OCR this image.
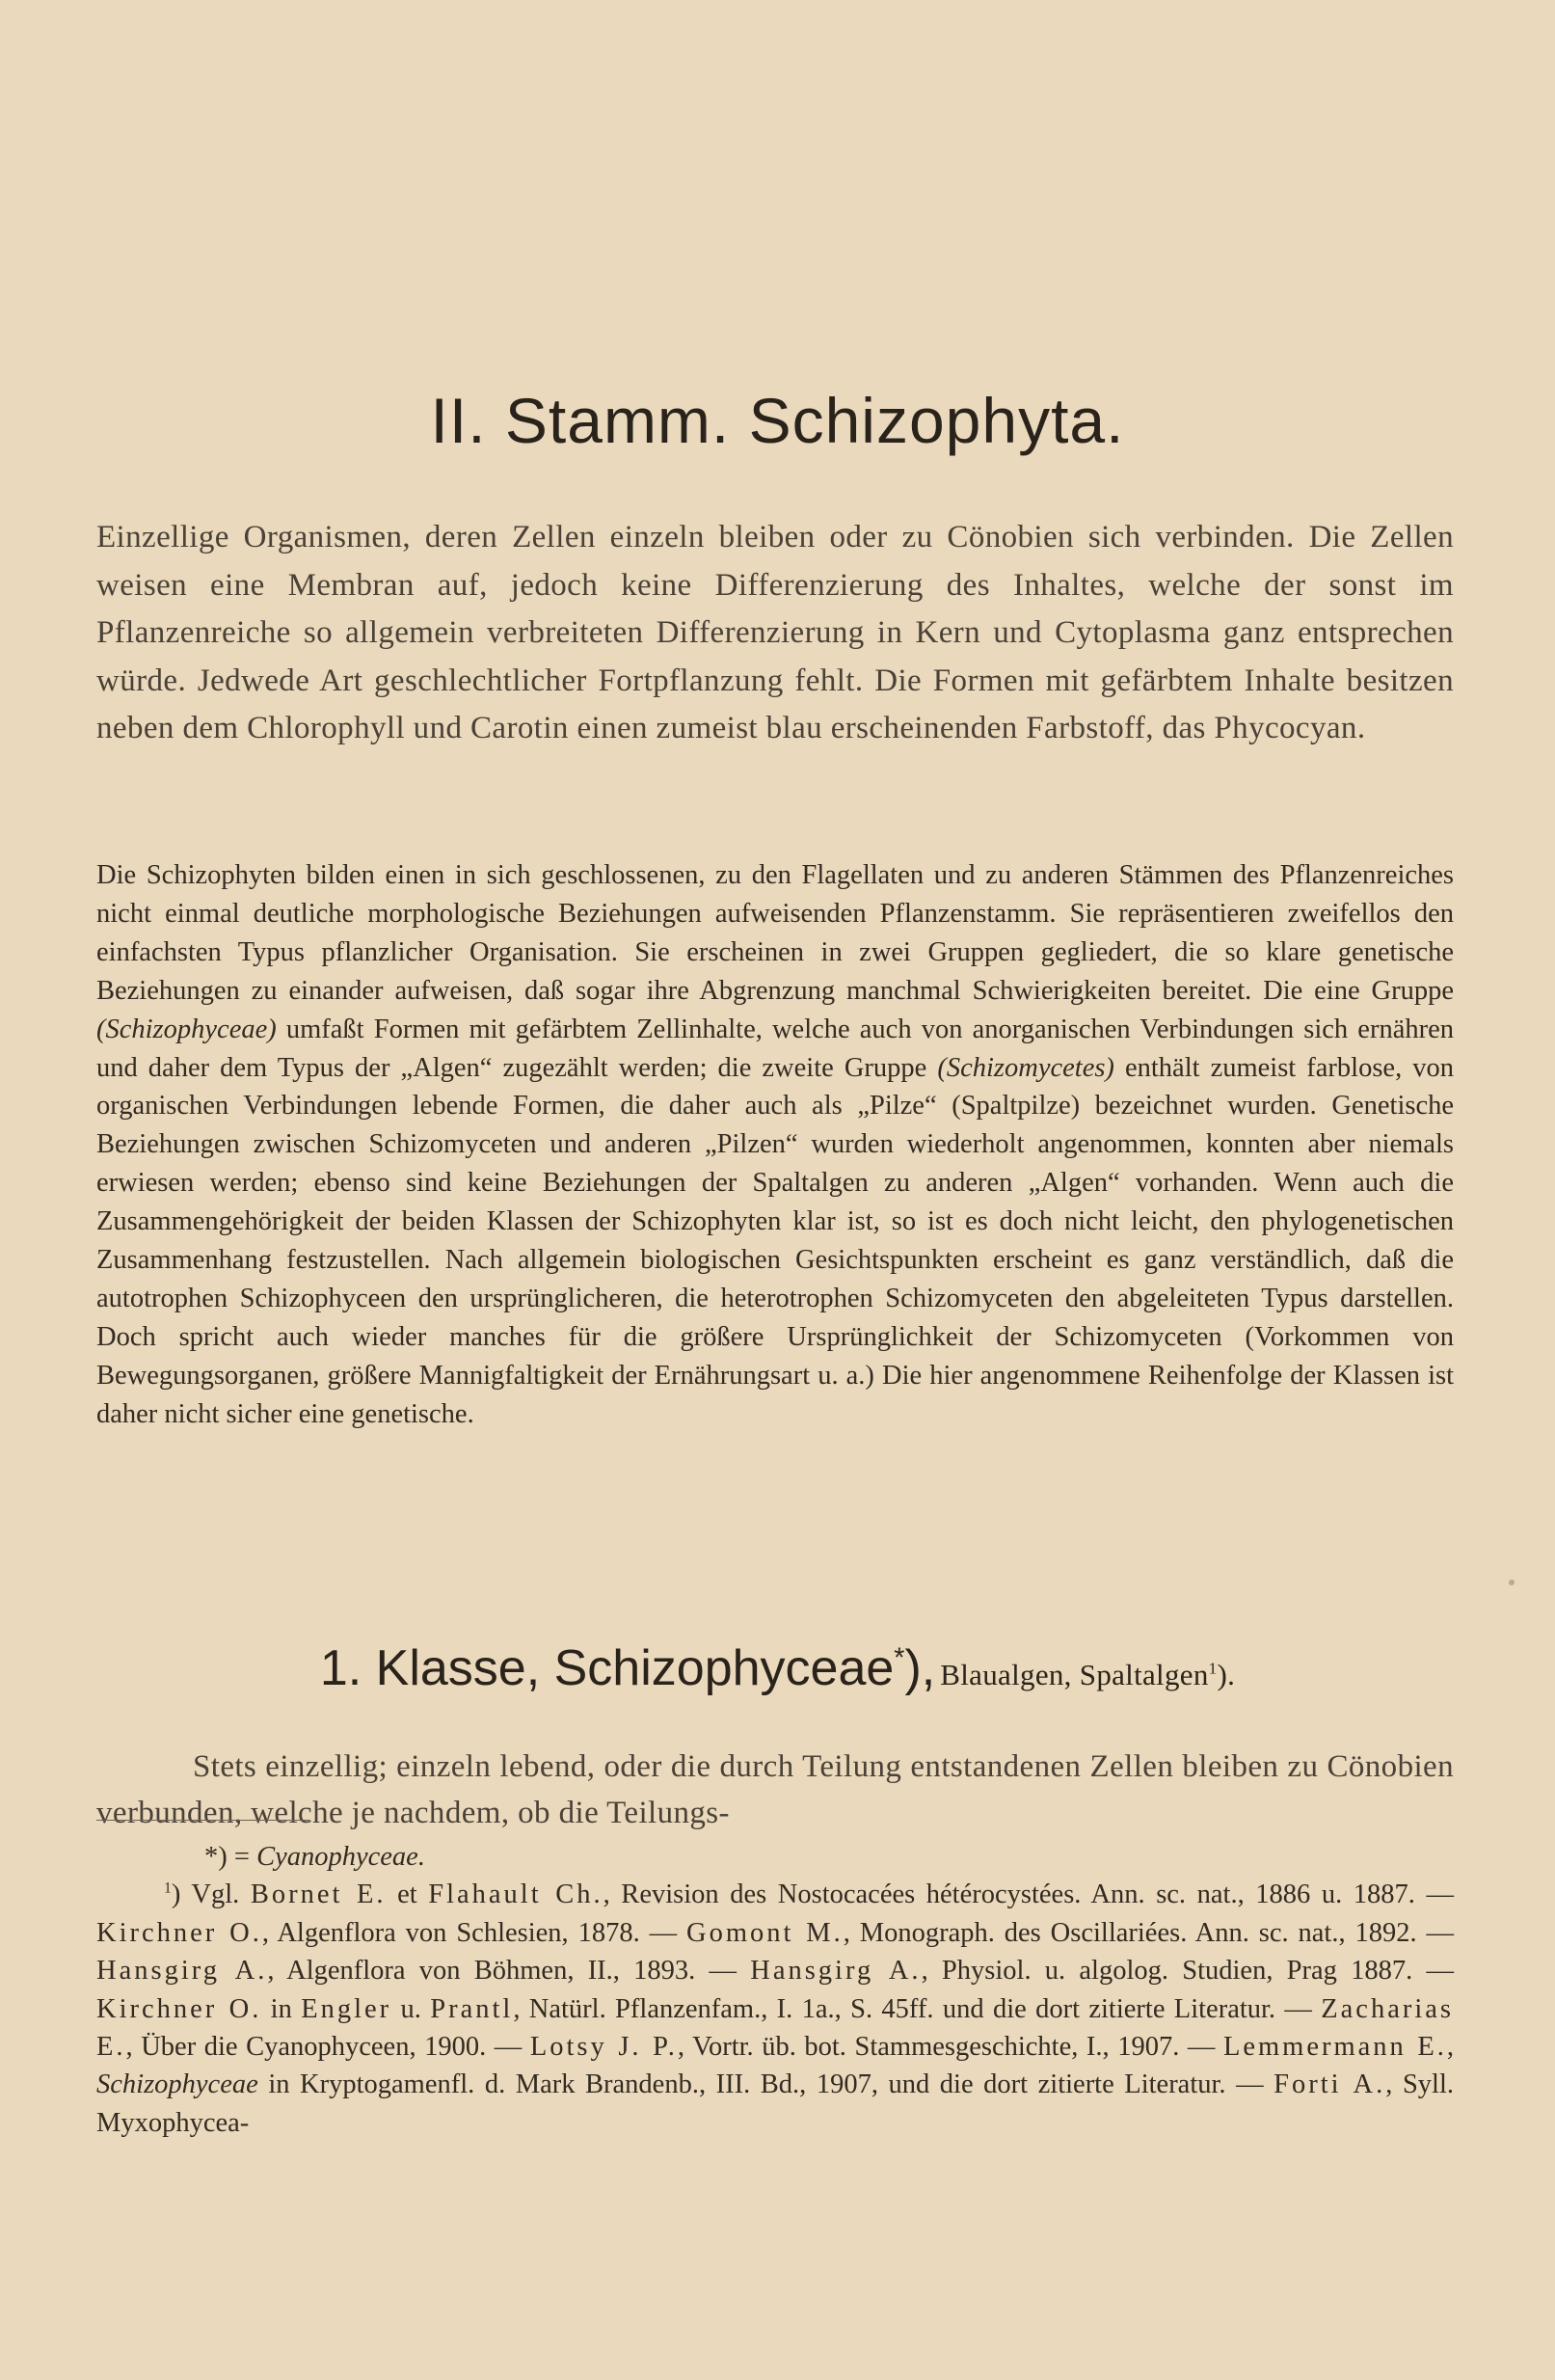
II. Stamm. Schizophyta.

Einzellige Organismen, deren Zellen einzeln bleiben oder zu Cönobien sich verbinden. Die Zellen weisen eine Membran auf, jedoch keine Differenzierung des Inhaltes, welche der sonst im Pflanzenreiche so allgemein verbreiteten Differenzierung in Kern und Cytoplasma ganz entsprechen würde. Jedwede Art geschlechtlicher Fortpflanzung fehlt. Die Formen mit gefärbtem Inhalte besitzen neben dem Chlorophyll und Carotin einen zumeist blau erscheinenden Farbstoff, das Phycocyan.

Die Schizophyten bilden einen in sich geschlossenen, zu den Flagellaten und zu anderen Stämmen des Pflanzenreiches nicht einmal deutliche morphologische Beziehungen aufweisenden Pflanzenstamm. Sie repräsentieren zweifellos den einfachsten Typus pflanzlicher Organisation. Sie erscheinen in zwei Gruppen gegliedert, die so klare genetische Beziehungen zu einander aufweisen, daß sogar ihre Abgrenzung manchmal Schwierigkeiten bereitet. Die eine Gruppe (Schizophyceae) umfaßt Formen mit gefärbtem Zellinhalte, welche auch von anorganischen Verbindungen sich ernähren und daher dem Typus der „Algen“ zugezählt werden; die zweite Gruppe (Schizomycetes) enthält zumeist farblose, von organischen Verbindungen lebende Formen, die daher auch als „Pilze“ (Spaltpilze) bezeichnet wurden. Genetische Beziehungen zwischen Schizomyceten und anderen „Pilzen“ wurden wiederholt angenommen, konnten aber niemals erwiesen werden; ebenso sind keine Beziehungen der Spaltalgen zu anderen „Algen“ vorhanden. Wenn auch die Zusammengehörigkeit der beiden Klassen der Schizophyten klar ist, so ist es doch nicht leicht, den phylogenetischen Zusammenhang festzustellen. Nach allgemein biologischen Gesichtspunkten erscheint es ganz verständlich, daß die autotrophen Schizophyceen den ursprünglicheren, die heterotrophen Schizomyceten den abgeleiteten Typus darstellen. Doch spricht auch wieder manches für die größere Ursprünglichkeit der Schizomyceten (Vorkommen von Bewegungsorganen, größere Mannigfaltigkeit der Ernährungsart u. a.) Die hier angenommene Reihenfolge der Klassen ist daher nicht sicher eine genetische.

1. Klasse, Schizophyceae*), Blaualgen, Spaltalgen$^1$).

Stets einzellig; einzeln lebend, oder die durch Teilung entstandenen Zellen bleiben zu Cönobien verbunden, welche je nachdem, ob die Teilungs-

*) = Cyanophyceae.

$^1$) Vgl. Bornet E. et Flahault Ch., Revision des Nostocacées hétérocystées. Ann. sc. nat., 1886 u. 1887. — Kirchner O., Algenflora von Schlesien, 1878. — Gomont M., Monograph. des Oscillariées. Ann. sc. nat., 1892. — Hansgirg A., Algenflora von Böhmen, II., 1893. — Hansgirg A., Physiol. u. algolog. Studien, Prag 1887. — Kirchner O. in Engler u. Prantl, Natürl. Pflanzenfam., I. 1a., S. 45ff. und die dort zitierte Literatur. — Zacharias E., Über die Cyanophyceen, 1900. — Lotsy J. P., Vortr. üb. bot. Stammesgeschichte, I., 1907. — Lemmermann E., Schizophyceae in Kryptogamenfl. d. Mark Brandenb., III. Bd., 1907, und die dort zitierte Literatur. — Forti A., Syll. Myxophycea-
